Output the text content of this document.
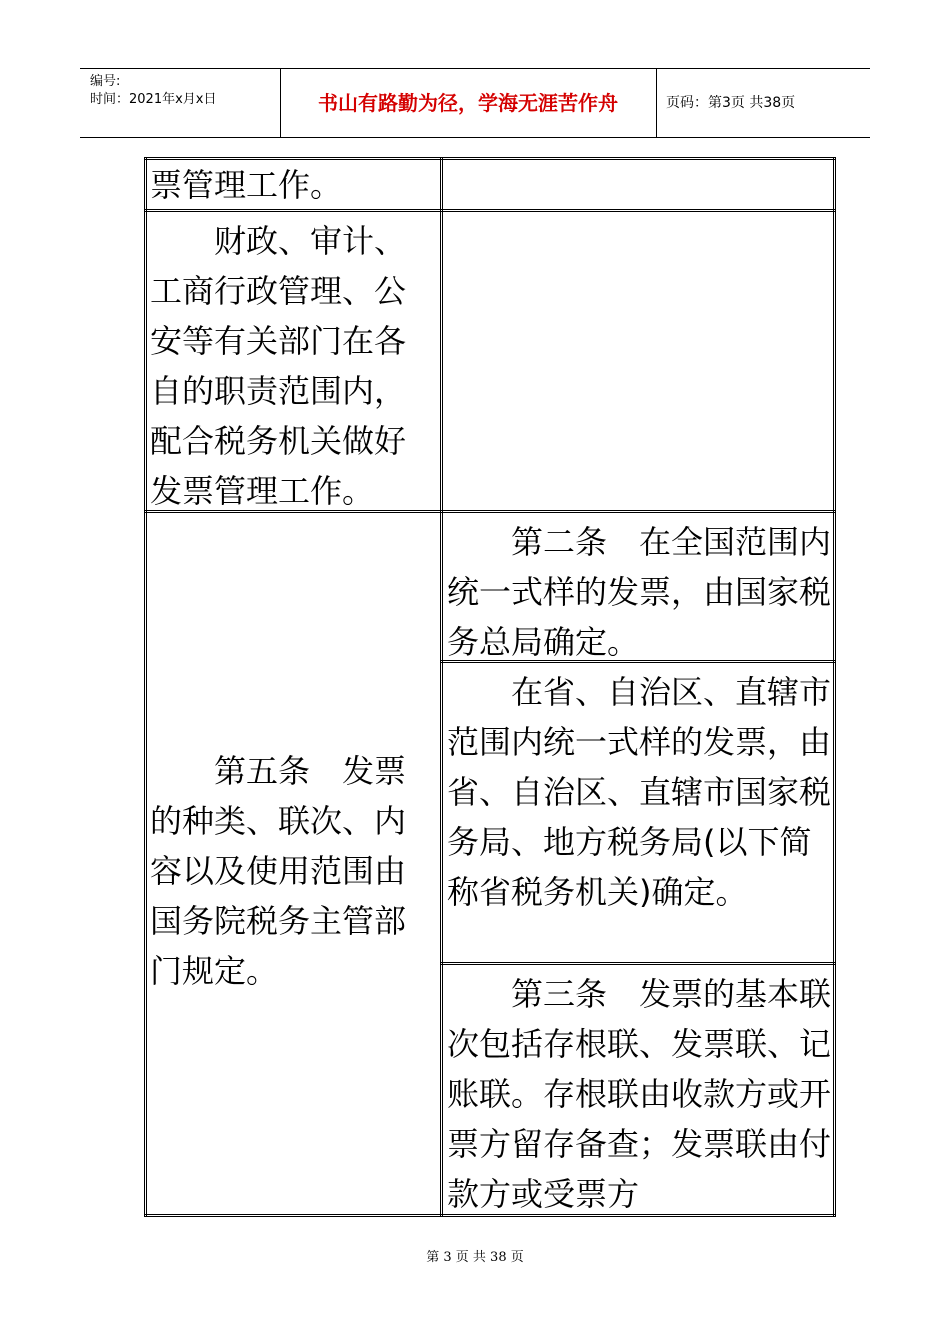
编号:
时间：2021年x月x日	书山有路勤为径，学海无涯苦作舟	页码：第3页 共38页

票管理工作。

财政、审计、工商行政管理、公安等有关部门在各自的职责范围内，配合税务机关做好发票管理工作。

第五条　发票的种类、联次、内容以及使用范围由国务院税务主管部门规定。

第二条　在全国范围内统一式样的发票，由国家税务总局确定。

在省、自治区、直辖市范围内统一式样的发票，由省、自治区、直辖市国家税务局、地方税务局(以下简称省税务机关)确定。

第三条　发票的基本联次包括存根联、发票联、记账联。存根联由收款方或开票方留存备查；发票联由付款方或受票方

第 3 页 共 38 页
